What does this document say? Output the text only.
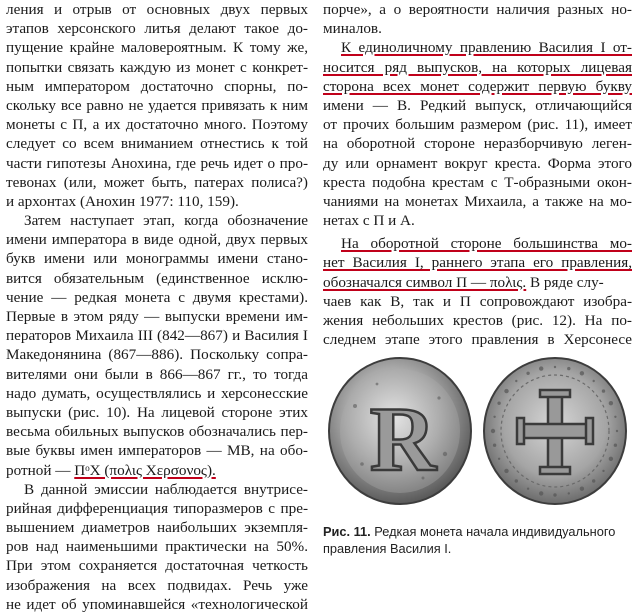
ления и отрыв от основных двух первых
этапов херсонского литья делают такое до-
пущение крайне маловероятным. К тому же,
попытки связать каждую из монет с конкрет-
ным императором достаточно спорны, по-
скольку все равно не удается привязать к ним
монеты с П, а их достаточно много. Поэтому
следует со всем вниманием отнестись к той
части гипотезы Анохина, где речь идет о про-
тевонах (или, может быть, патерах полиса?)
и архонтах (Анохин 1977: 110, 159).
Затем наступает этап, когда обозначение
имени императора в виде одной, двух первых
букв имени или монограммы имени стано-
вится обязательным (единственное исклю-
чение — редкая монета с двумя крестами).
Первые в этом ряду — выпуски времени им-
ператоров Михаила III (842—867) и Василия I
Македонянина (867—886). Поскольку сопра-
вителями они были в 866—867 гг., то тогда
надо думать, осуществлялись и херсонесские
выпуски (рис. 10). На лицевой стороне этих
весьма обильных выпусков обозначались пер-
вые буквы имен императоров — МВ, на обо-
ротной — ПᵒХ (πολις Χερσονος).
В данной эмиссии наблюдается внутрисе-
рийная дифференциация типоразмеров с пре-
вышением диаметров наибольших экземпля-
ров над наименьшими практически на 50%.
При этом сохраняется достаточная четкость
изображения на всех подвидах. Речь уже
не идет об упоминавшейся «технологической
порче», а о вероятности наличия разных но-
миналов.
К единоличному правлению Василия I от-
носится ряд выпусков, на которых лицевая
сторона всех монет содержит первую букву
имени — В. Редкий выпуск, отличающийся
от прочих большим размером (рис. 11), имеет
на оборотной стороне неразборчивую леген-
ду или орнамент вокруг креста. Форма этого
креста подобна крестам с Т-образными окон-
чаниями на монетах Михаила, а также на мо-
нетах с П и А.
На оборотной стороне большинства мо-
нет Василия I, раннего этапа его правления,
обозначался символ П — πολις. В ряде слу-
чаев как В, так и П сопровождают изобра-
жения небольших крестов (рис. 12). На по-
следнем этапе этого правления в Херсонесе
R
Рис. 11. Редкая монета начала индивидуального правления Василия I.
